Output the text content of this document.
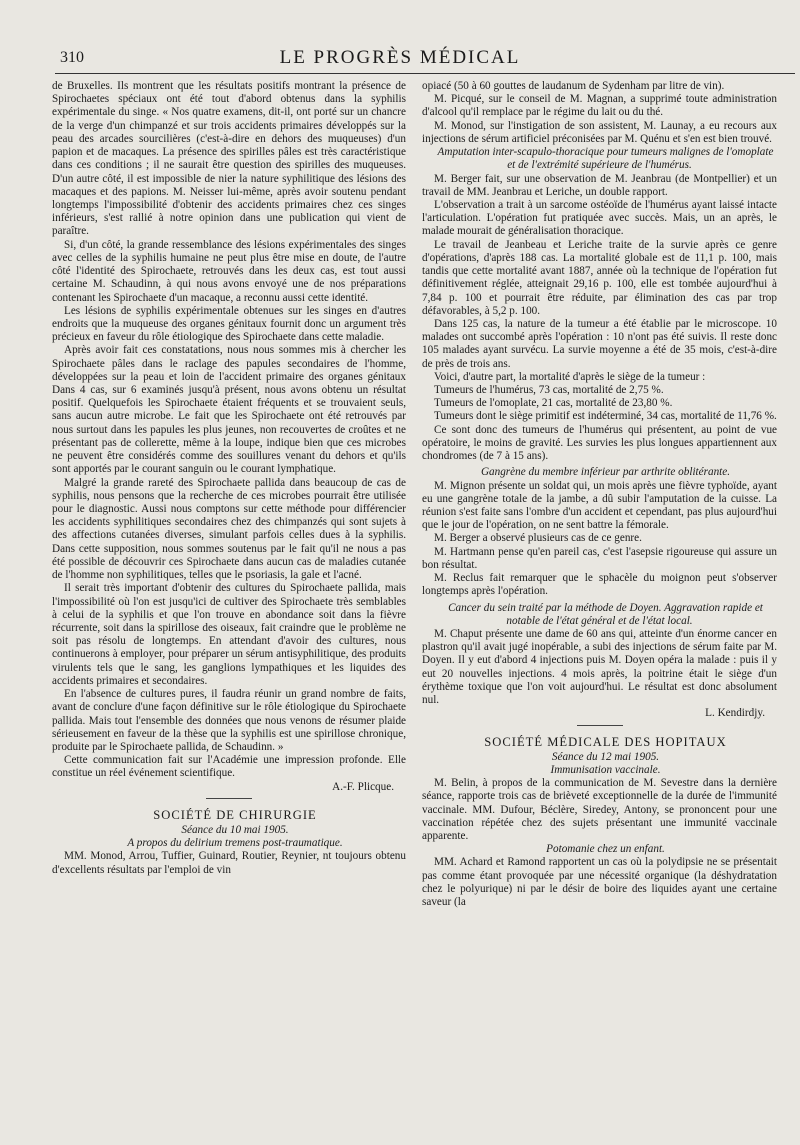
310	LE PROGRÈS MÉDICAL

de Bruxelles. Ils montrent que les résultats positifs montrant la présence de Spirochaetes spéciaux ont été tout d'abord obtenus dans la syphilis expérimentale du singe. « Nos quatre examens, dit-il, ont porté sur un chancre de la verge d'un chimpanzé et sur trois accidents primaires développés sur la peau des arcades sourcilières (c'est-à-dire en dehors des muqueuses) d'un papion et de macaques. La présence des spirilles pâles est très caractéristique dans ces conditions ; il ne saurait être question des spirilles des muqueuses. D'un autre côté, il est impossible de nier la nature syphilitique des lésions des macaques et des papions. M. Neisser lui-même, après avoir soutenu pendant longtemps l'impossibilité d'obtenir des accidents primaires chez ces singes inférieurs, s'est rallié à notre opinion dans une publication qui vient de paraître.

Si, d'un côté, la grande ressemblance des lésions expérimentales des singes avec celles de la syphilis humaine ne peut plus être mise en doute, de l'autre côté l'identité des Spirochaete, retrouvés dans les deux cas, est tout aussi certaine M. Schaudinn, à qui nous avons envoyé une de nos préparations contenant les Spirochaete d'un macaque, a reconnu aussi cette identité.

Les lésions de syphilis expérimentale obtenues sur les singes en d'autres endroits que la muqueuse des organes génitaux fournit donc un argument très précieux en faveur du rôle étiologique des Spirochaete dans cette maladie.

Après avoir fait ces constatations, nous nous sommes mis à chercher les Spirochaete pâles dans le raclage des papules secondaires de l'homme, développées sur la peau et loin de l'accident primaire des organes génitaux Dans 4 cas, sur 6 examinés jusqu'à présent, nous avons obtenu un résultat positif. Quelquefois les Spirochaete étaient fréquents et se trouvaient seuls, sans aucun autre microbe. Le fait que les Spirochaete ont été retrouvés par nous surtout dans les papules les plus jeunes, non recouvertes de croûtes et ne présentant pas de collerette, même à la loupe, indique bien que ces microbes ne peuvent être considérés comme des souillures venant du dehors et qu'ils sont apportés par le courant sanguin ou le courant lymphatique.

Malgré la grande rareté des Spirochaete pallida dans beaucoup de cas de syphilis, nous pensons que la recherche de ces microbes pourrait être utilisée pour le diagnostic. Aussi nous comptons sur cette méthode pour différencier les accidents syphilitiques secondaires chez des chimpanzés qui sont sujets à des affections cutanées diverses, simulant parfois celles dues à la syphilis. Dans cette supposition, nous sommes soutenus par le fait qu'il ne nous a pas été possible de découvrir ces Spirochaete dans aucun cas de maladies cutanée de l'homme non syphilitiques, telles que le psoriasis, la gale et l'acné.

Il serait très important d'obtenir des cultures du Spirochaete pallida, mais l'impossibilité où l'on est jusqu'ici de cultiver des Spirochaete très semblables à celui de la syphilis et que l'on trouve en abondance soit dans la fièvre récurrente, soit dans la spirillose des oiseaux, fait craindre que le problème ne soit pas résolu de longtemps. En attendant d'avoir des cultures, nous continuerons à employer, pour préparer un sérum antisyphilitique, des produits virulents tels que le sang, les ganglions lympathiques et les liquides des accidents primaires et secondaires.

En l'absence de cultures pures, il faudra réunir un grand nombre de faits, avant de conclure d'une façon définitive sur le rôle étiologique du Spirochaete pallida. Mais tout l'ensemble des données que nous venons de résumer plaide sérieusement en faveur de la thèse que la syphilis est une spirillose chronique, produite par le Spirochaete pallida, de Schaudinn. »

Cette communication fait sur l'Académie une impression profonde. Elle constitue un réel événement scientifique.

A.-F. Plicque.

SOCIÉTÉ DE CHIRURGIE

Séance du 10 mai 1905.

A propos du delirium tremens post-traumatique.

MM. Monod, Arrou, Tuffier, Guinard, Routier, Reynier, nt toujours obtenu d'excellents résultats par l'emploi de vin

opiacé (50 à 60 gouttes de laudanum de Sydenham par litre de vin).

M. Picqué, sur le conseil de M. Magnan, a supprimé toute administration d'alcool qu'il remplace par le régime du lait ou du thé.

M. Monod, sur l'instigation de son assistent, M. Launay, a eu recours aux injections de sérum artificiel préconisées par M. Quénu et s'en est bien trouvé.

Amputation inter-scapulo-thoracique pour tumeurs malignes de l'omoplate et de l'extrémité supérieure de l'humérus.

M. Berger fait, sur une observation de M. Jeanbrau (de Montpellier) et un travail de MM. Jeanbrau et Leriche, un double rapport.

L'observation a trait à un sarcome ostéoïde de l'humérus ayant laissé intacte l'articulation. L'opération fut pratiquée avec succès. Mais, un an après, le malade mourait de généralisation thoracique.

Le travail de Jeanbeau et Leriche traite de la survie après ce genre d'opérations, d'après 188 cas. La mortalité globale est de 11,1 p. 100, mais tandis que cette mortalité avant 1887, année où la technique de l'opération fut définitivement réglée, atteignait 29,16 p. 100, elle est tombée aujourd'hui à 7,84 p. 100 et pourrait être réduite, par élimination des cas par trop défavorables, à 5,2 p. 100.

Dans 125 cas, la nature de la tumeur a été établie par le microscope. 10 malades ont succombé après l'opération : 10 n'ont pas été suivis. Il reste donc 105 malades ayant survécu. La survie moyenne a été de 35 mois, c'est-à-dire de près de trois ans.

Voici, d'autre part, la mortalité d'après le siège de la tumeur :

Tumeurs de l'humérus, 73 cas, mortalité de 2,75 %.

Tumeurs de l'omoplate, 21 cas, mortalité de 23,80 %.

Tumeurs dont le siège primitif est indéterminé, 34 cas, mortalité de 11,76 %.

Ce sont donc des tumeurs de l'humérus qui présentent, au point de vue opératoire, le moins de gravité. Les survies les plus longues appartiennent aux chondromes (de 7 à 15 ans).

Gangrène du membre inférieur par arthrite oblitérante.

M. Mignon présente un soldat qui, un mois après une fièvre typhoïde, ayant eu une gangrène totale de la jambe, a dû subir l'amputation de la cuisse. La réunion s'est faite sans l'ombre d'un accident et cependant, pas plus aujourd'hui que le jour de l'opération, on ne sent battre la fémorale.

M. Berger a observé plusieurs cas de ce genre.

M. Hartmann pense qu'en pareil cas, c'est l'asepsie rigoureuse qui assure un bon résultat.

M. Reclus fait remarquer que le sphacèle du moignon peut s'observer longtemps après l'opération.

Cancer du sein traité par la méthode de Doyen. Aggravation rapide et notable de l'état général et de l'état local.

M. Chaput présente une dame de 60 ans qui, atteinte d'un énorme cancer en plastron qu'il avait jugé inopérable, a subi des injections de sérum faite par M. Doyen. Il y eut d'abord 4 injections puis M. Doyen opéra la malade : puis il y eut 20 nouvelles injections. 4 mois après, la poitrine était le siège d'un érythème toxique que l'on voit aujourd'hui. Le résultat est donc absolument nul.

L. Kendirdjy.

SOCIÉTÉ MÉDICALE DES HOPITAUX

Séance du 12 mai 1905.

Immunisation vaccinale.

M. Belin, à propos de la communication de M. Sevestre dans la dernière séance, rapporte trois cas de brièveté exceptionnelle de la durée de l'immunité vaccinale. MM. Dufour, Béclère, Siredey, Antony, se prononcent pour une vaccination répétée chez des sujets présentant une immunité vaccinale apparente.

Potomanie chez un enfant.

MM. Achard et Ramond rapportent un cas où la polydipsie ne se présentait pas comme étant provoquée par une nécessité organique (la déshydratation chez le polyurique) ni par le désir de boire des liquides ayant une certaine saveur (la
